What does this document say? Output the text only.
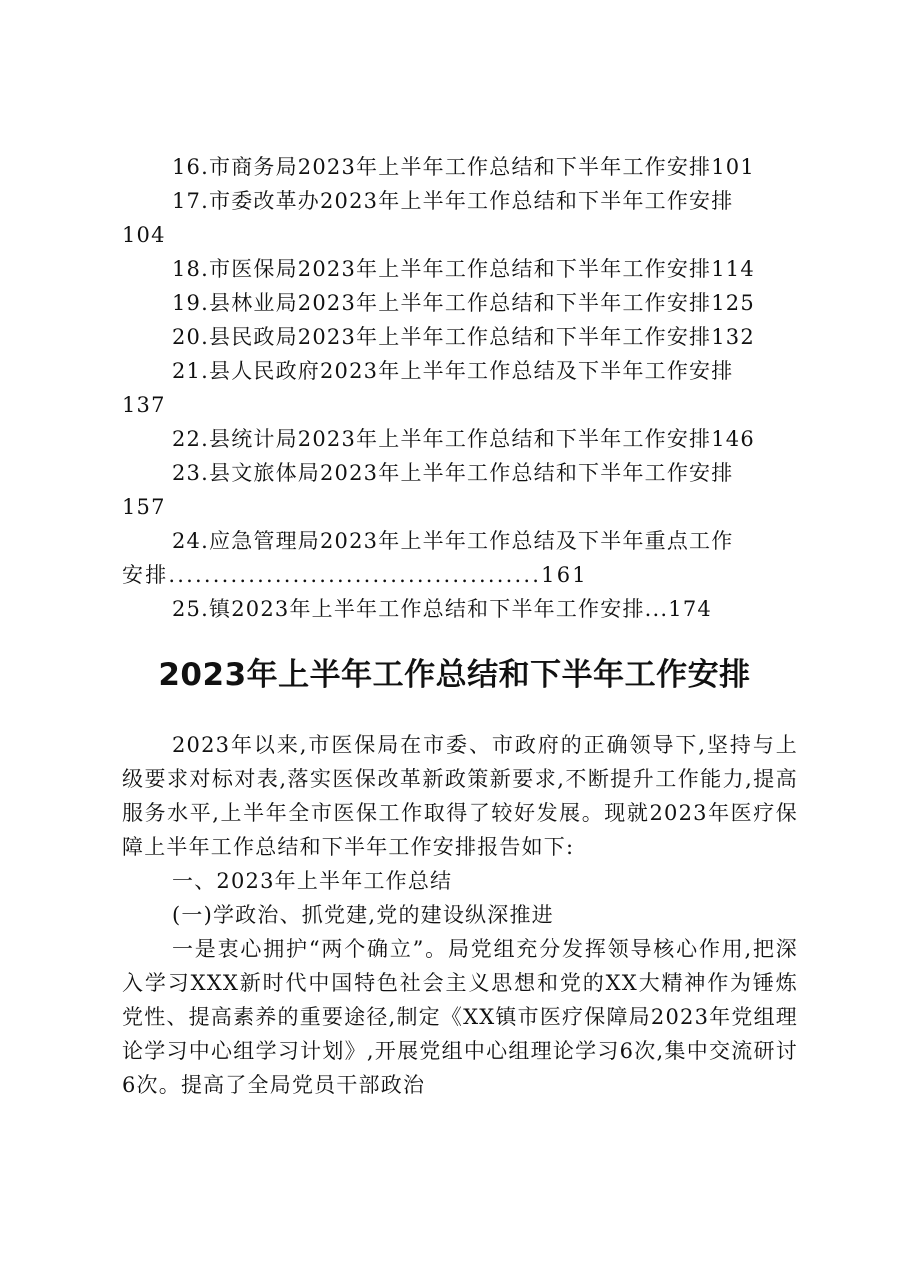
16.市商务局2023年上半年工作总结和下半年工作安排101
17.市委改革办2023年上半年工作总结和下半年工作安排
104
18.市医保局2023年上半年工作总结和下半年工作安排114
19.县林业局2023年上半年工作总结和下半年工作安排125
20.县民政局2023年上半年工作总结和下半年工作安排132
21.县人民政府2023年上半年工作总结及下半年工作安排
137
22.县统计局2023年上半年工作总结和下半年工作安排146
23.县文旅体局2023年上半年工作总结和下半年工作安排
157
24.应急管理局2023年上半年工作总结及下半年重点工作
安排..........................................161
25.镇2023年上半年工作总结和下半年工作安排...174
2023年上半年工作总结和下半年工作安排

2023年以来,市医保局在市委、市政府的正确领导下,坚持与上级要求对标对表,落实医保改革新政策新要求,不断提升工作能力,提高服务水平,上半年全市医保工作取得了较好发展。现就2023年医疗保障上半年工作总结和下半年工作安排报告如下:

一、2023年上半年工作总结

(一)学政治、抓党建,党的建设纵深推进

一是衷心拥护“两个确立”。局党组充分发挥领导核心作用,把深入学习XXX新时代中国特色社会主义思想和党的XX大精神作为锤炼党性、提高素养的重要途径,制定《XX镇市医疗保障局2023年党组理论学习中心组学习计划》,开展党组中心组理论学习6次,集中交流研讨6次。提高了全局党员干部政治
